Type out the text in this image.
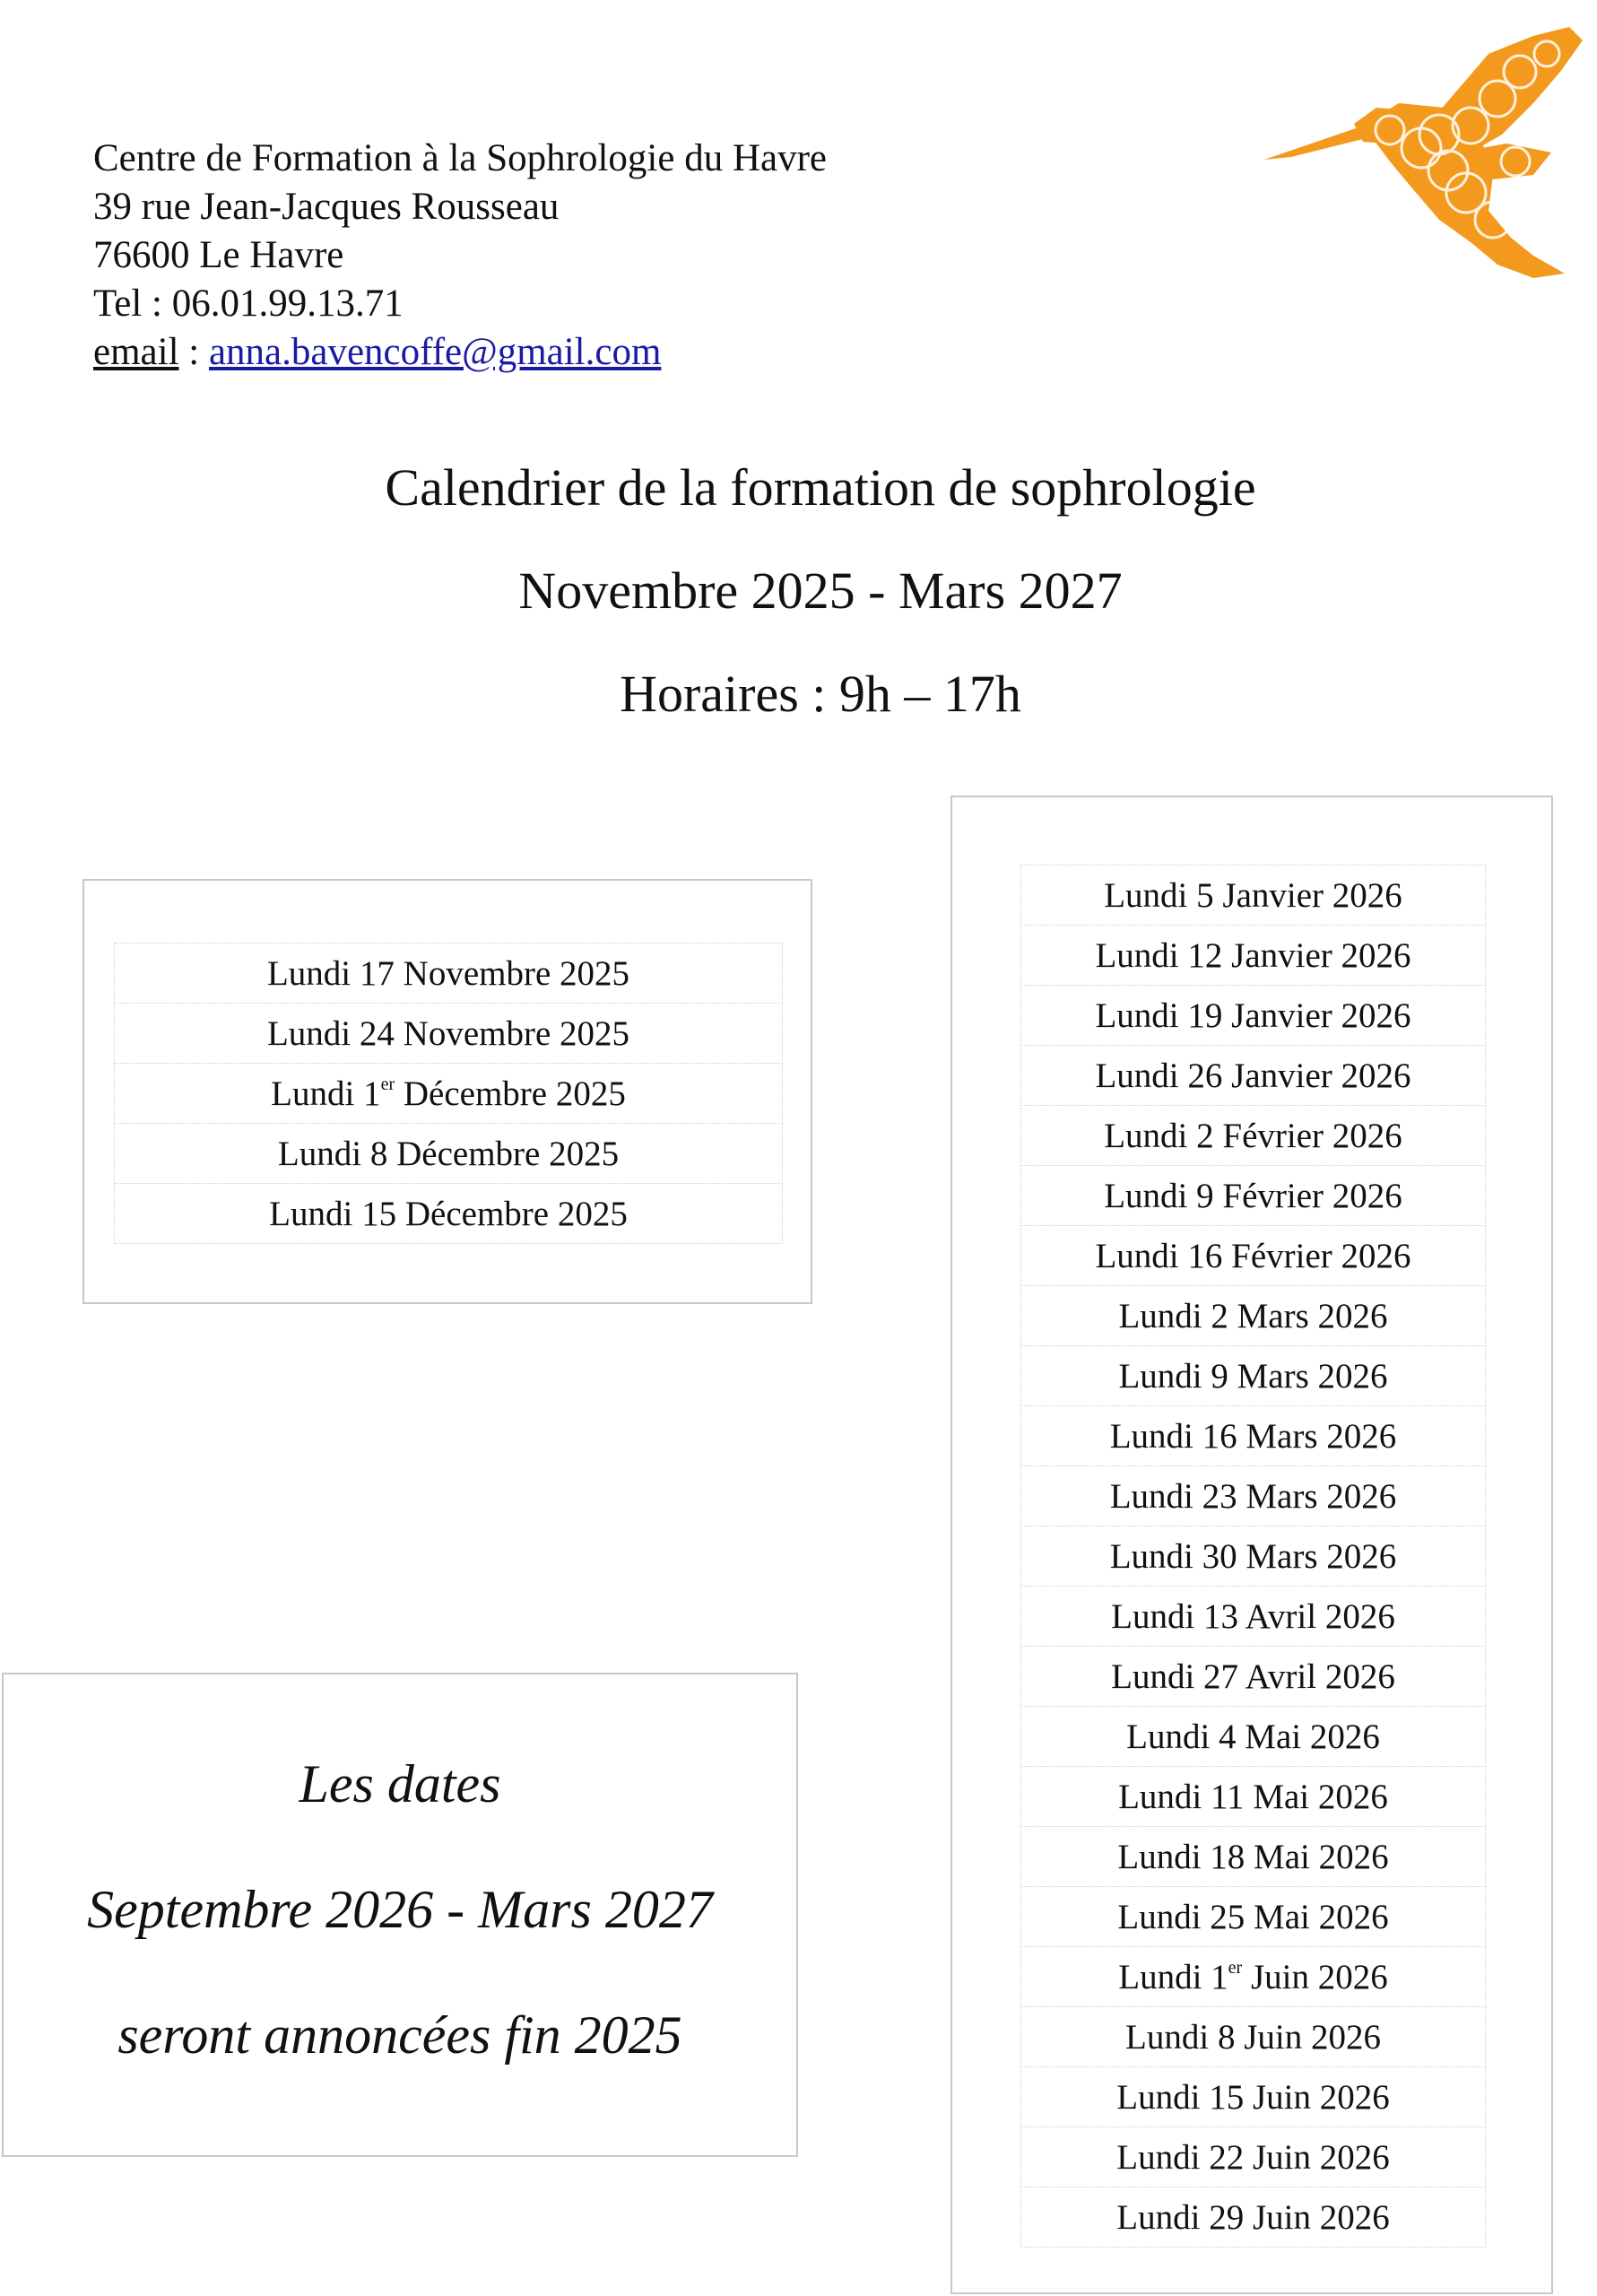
Centre de Formation à la Sophrologie du Havre
39 rue Jean-Jacques Rousseau
76600 Le Havre
Tel : 06.01.99.13.71
email : anna.bavencoffe@gmail.com
Calendrier de la formation de sophrologie
Novembre 2025 - Mars 2027
Horaires : 9h – 17h
Lundi 17 Novembre 2025
Lundi 24 Novembre 2025
Lundi 1er Décembre 2025
Lundi 8 Décembre 2025
Lundi 15 Décembre 2025
Lundi 5 Janvier 2026
Lundi 12 Janvier 2026
Lundi 19 Janvier 2026
Lundi 26 Janvier 2026
Lundi 2 Février 2026
Lundi 9 Février 2026
Lundi 16 Février 2026
Lundi 2 Mars 2026
Lundi 9 Mars 2026
Lundi 16 Mars 2026
Lundi 23 Mars 2026
Lundi 30 Mars 2026
Lundi 13 Avril 2026
Lundi 27 Avril 2026
Lundi 4 Mai 2026
Lundi 11 Mai 2026
Lundi 18 Mai 2026
Lundi 25 Mai 2026
Lundi 1er Juin 2026
Lundi 8 Juin 2026
Lundi 15 Juin 2026
Lundi 22 Juin 2026
Lundi 29 Juin 2026
Les dates
Septembre 2026 - Mars 2027
seront annoncées fin 2025
